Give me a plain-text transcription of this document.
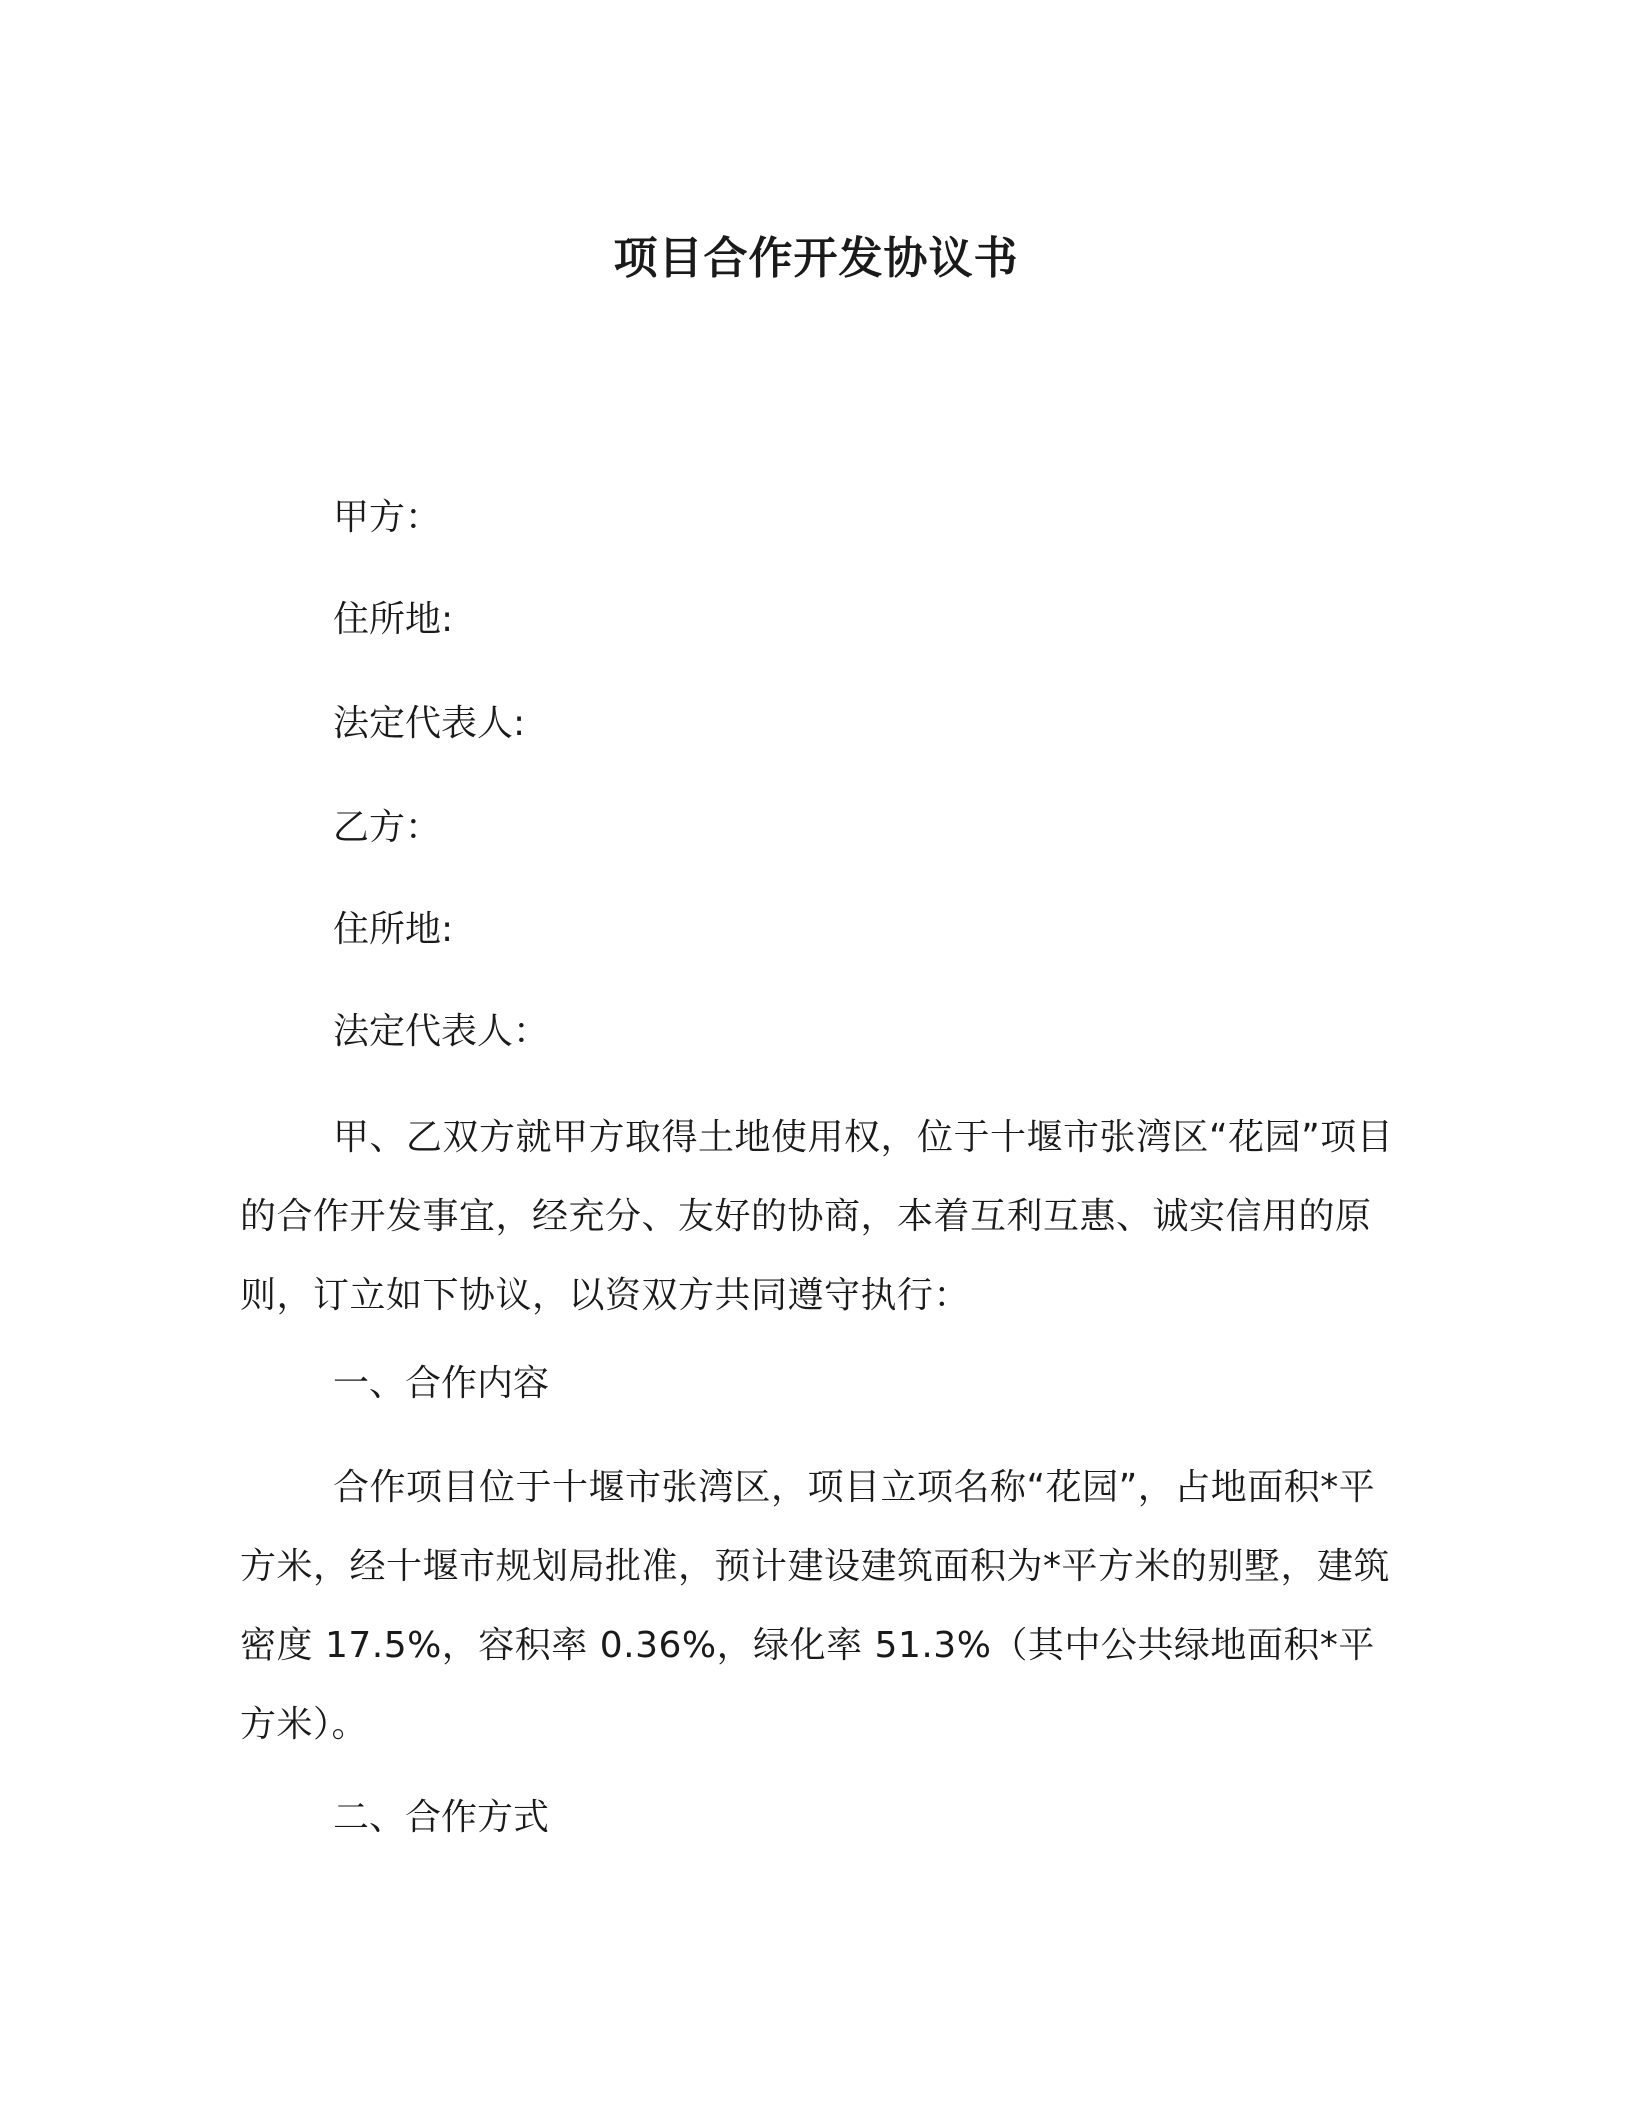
项目合作开发协议书
甲方：
住所地:
法定代表人:
乙方：
住所地:
法定代表人：
甲、乙双方就甲方取得土地使用权，位于十堰市张湾区“花园”项目的合作开发事宜，经充分、友好的协商，本着互利互惠、诚实信用的原则，订立如下协议，以资双方共同遵守执行：
一、合作内容
合作项目位于十堰市张湾区，项目立项名称“花园”，占地面积*平方米，经十堰市规划局批准，预计建设建筑面积为*平方米的别墅，建筑密度 17.5%，容积率 0.36%，绿化率 51.3%（其中公共绿地面积*平方米）。
二、合作方式
